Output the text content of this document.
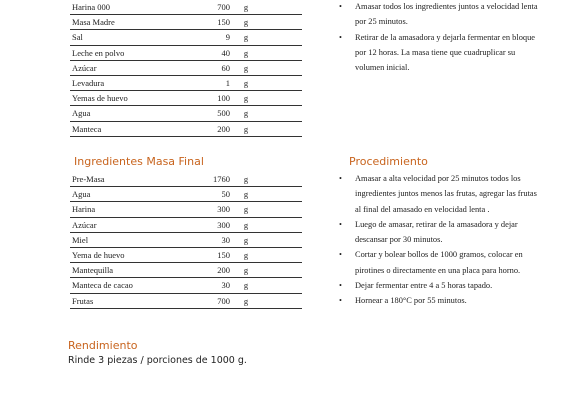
Harina 000	700	g	
Masa Madre	150	g	
Sal	9	g	
Leche en polvo	40	g	
Azúcar	60	g	
Levadura	1	g	
Yemas de huevo	100	g	
Agua	500	g	
Manteca	200	g	
• Amasar todos los ingredientes juntos a velocidad lenta por 25 minutos.
• Retirar de la amasadora y dejarla fermentar en bloque por 12 horas. La masa tiene que cuadruplicar su volumen inicial.
Ingredientes Masa Final
Pre-Masa	1760	g	
Agua	50	g	
Harina	300	g	
Azúcar	300	g	
Miel	30	g	
Yema de huevo	150	g	
Mantequilla	200	g	
Manteca de cacao	30	g	
Frutas	700	g	
Procedimiento
• Amasar a alta velocidad por 25 minutos todos los ingredientes juntos menos las frutas, agregar las frutas al final del amasado en velocidad lenta .
• Luego de amasar, retirar de la amasadora y dejar descansar por 30 minutos.
• Cortar y bolear bollos de 1000 gramos, colocar en pirotines o directamente en una placa para horno.
• Dejar fermentar entre 4 a 5 horas tapado.
• Hornear a 180°C por 55 minutos.
Rendimiento
Rinde 3 piezas / porciones de 1000 g.
